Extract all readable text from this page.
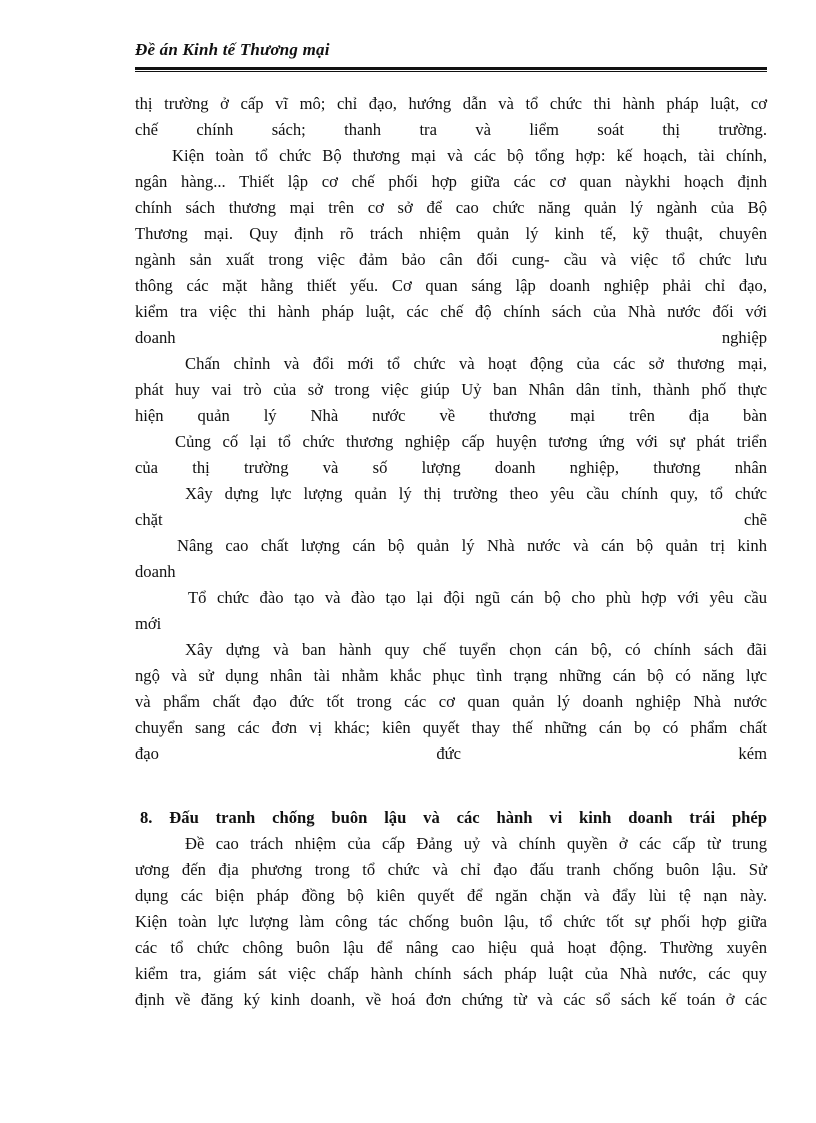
Đề án Kinh tế Thương mại
thị trường ở cấp vĩ mô; chỉ đạo, hướng dẫn và tổ chức thi hành pháp luật, cơ
chế chính sách; thanh tra và liểm soát thị trường.
Kiện toàn tổ chức Bộ thương mại và các bộ tổng hợp: kế hoạch, tài chính,
ngân hàng... Thiết lập cơ chế phối hợp giữa các cơ quan nàykhi hoạch định
chính sách thương mại trên cơ sở để cao chức năng quản lý ngành của Bộ
Thương mại. Quy định rõ trách nhiệm quản lý kinh tế, kỹ thuật, chuyên
ngành sản xuất trong việc đảm bảo cân đối cung- cầu và việc tổ chức lưu
thông các mặt hằng thiết yếu. Cơ quan sáng lập doanh nghiệp phải chỉ đạo,
kiểm tra việc thi hành pháp luật, các chế độ chính sách của Nhà nước đối với
doanh nghiệp
Chấn chỉnh và đổi mới tổ chức và hoạt động của các sở thương mại,
phát huy vai trò của sở trong việc giúp Uỷ ban Nhân dân tỉnh, thành phố thực
hiện quản lý Nhà nước về thương mại trên địa bàn
Củng cố lại tổ chức thương nghiệp cấp huyện tương ứng với sự phát triển
của thị trường và số lượng doanh nghiệp, thương nhân
Xây dựng lực lượng quản lý thị trường theo yêu cầu chính quy, tổ chức
chặt chẽ
Nâng cao chất lượng cán bộ quản lý Nhà nước và cán bộ quản trị kinh
doanh
Tổ chức đào tạo và đào tạo lại đội ngũ cán bộ cho phù hợp với yêu cầu
mới
Xây dựng và ban hành quy chế tuyển chọn cán bộ, có chính sách đãi
ngộ và sử dụng nhân tài nhằm khắc phục tình trạng những cán bộ có năng lực
và phẩm chất đạo đức tốt trong các cơ quan quản lý doanh nghiệp Nhà nước
chuyển sang các đơn vị khác; kiên quyết thay thế những cán bọ có phẩm chất
đạo đức kém
8. Đấu tranh chống buôn lậu và các hành vi kinh doanh trái phép
Đề cao trách nhiệm của cấp Đảng uỷ và chính quyền ở các cấp từ trung
ương đến địa phương trong tổ chức và chỉ đạo đấu tranh chống buôn lậu. Sử
dụng các biện pháp đồng bộ kiên quyết để ngăn chặn và đẩy lùi tệ nạn này.
Kiện toàn lực lượng làm công tác chống buôn lậu, tổ chức tốt sự phối hợp giữa
các tổ chức chông buôn lậu để nâng cao hiệu quả hoạt động. Thường xuyên
kiểm tra, giám sát việc chấp hành chính sách pháp luật của Nhà nước, các quy
định về đăng ký kinh doanh, về hoá đơn chứng từ và các sổ sách kế toán ở các
